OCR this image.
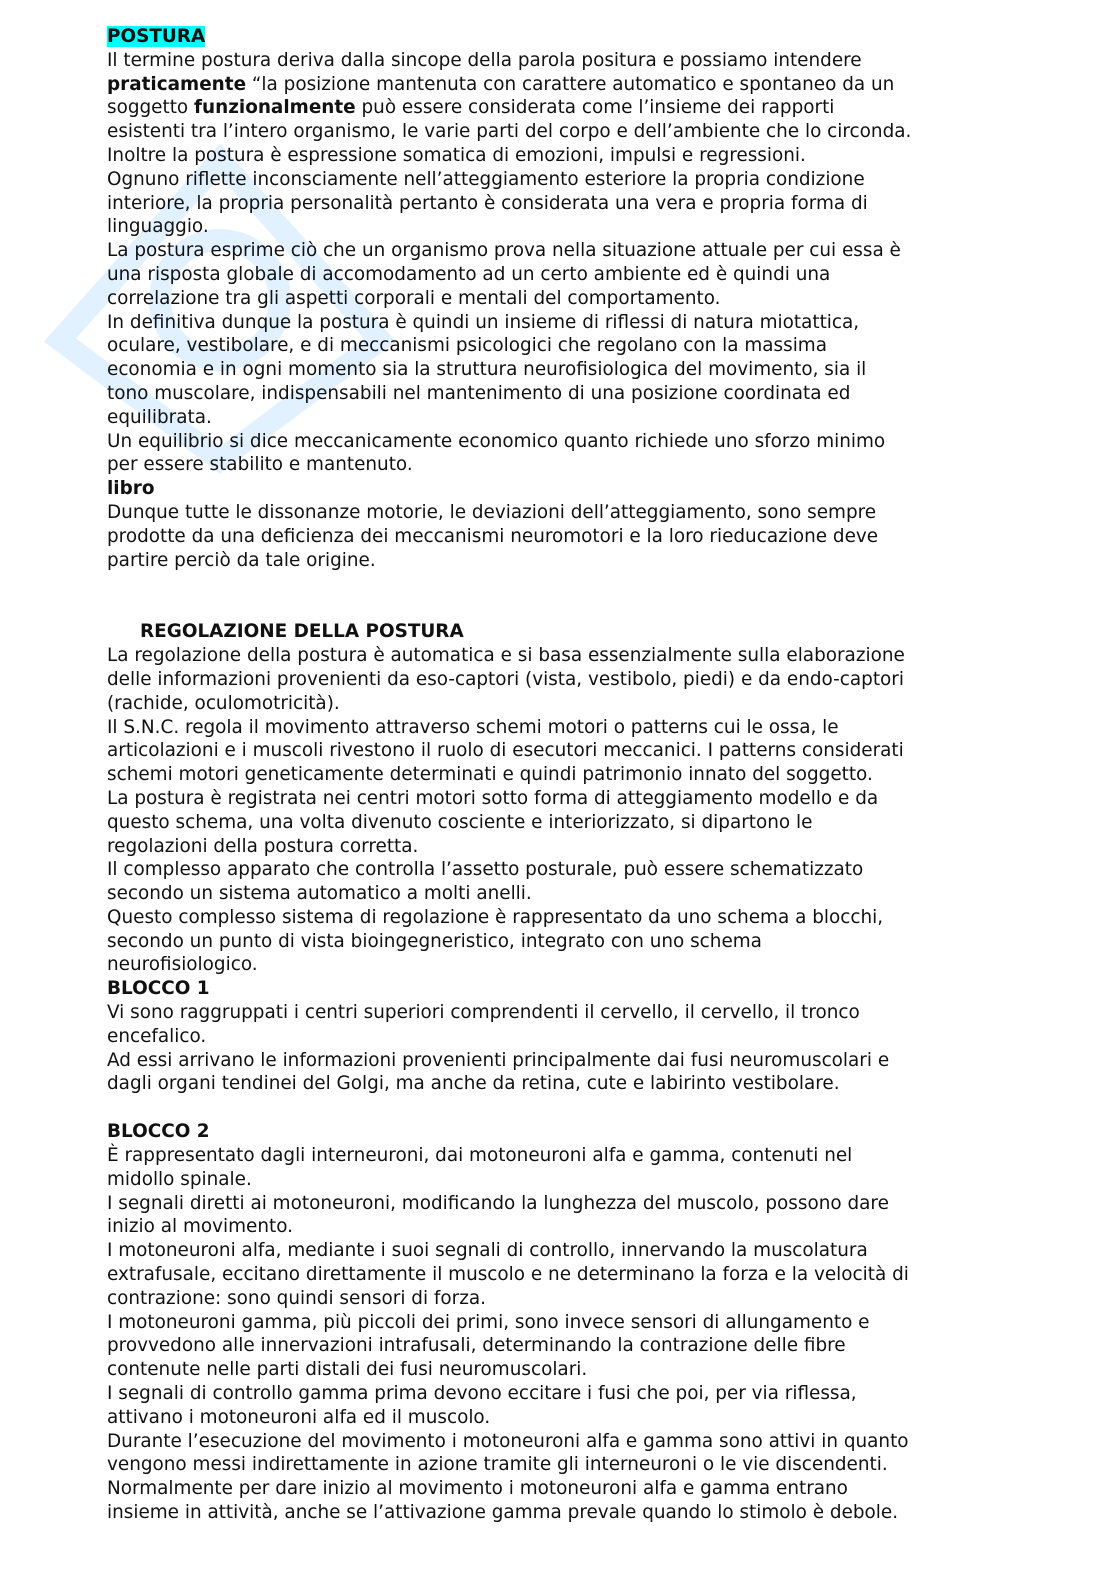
POSTURA
Il termine postura deriva dalla sincope della parola positura e possiamo intendere
praticamente “la posizione mantenuta con carattere automatico e spontaneo da un
soggetto funzionalmente può essere considerata come l’insieme dei rapporti
esistenti tra l’intero organismo, le varie parti del corpo e dell’ambiente che lo circonda.
Inoltre la postura è espressione somatica di emozioni, impulsi e regressioni.
Ognuno riflette inconsciamente nell’atteggiamento esteriore la propria condizione
interiore, la propria personalità pertanto è considerata una vera e propria forma di
linguaggio.
La postura esprime ciò che un organismo prova nella situazione attuale per cui essa è
una risposta globale di accomodamento ad un certo ambiente ed è quindi una
correlazione tra gli aspetti corporali e mentali del comportamento.
In definitiva dunque la postura è quindi un insieme di riflessi di natura miotattica,
oculare, vestibolare, e di meccanismi psicologici che regolano con la massima
economia e in ogni momento sia la struttura neurofisiologica del movimento, sia il
tono muscolare, indispensabili nel mantenimento di una posizione coordinata ed
equilibrata.
Un equilibrio si dice meccanicamente economico quanto richiede uno sforzo minimo
per essere stabilito e mantenuto.
libro
Dunque tutte le dissonanze motorie, le deviazioni dell’atteggiamento, sono sempre
prodotte da una deficienza dei meccanismi neuromotori e la loro rieducazione deve
partire perciò da tale origine.
REGOLAZIONE DELLA POSTURA
La regolazione della postura è automatica e si basa essenzialmente sulla elaborazione
delle informazioni provenienti da eso-captori (vista, vestibolo, piedi) e da endo-captori
(rachide, oculomotricità).
Il S.N.C. regola il movimento attraverso schemi motori o patterns cui le ossa, le
articolazioni e i muscoli rivestono il ruolo di esecutori meccanici. I patterns considerati
schemi motori geneticamente determinati e quindi patrimonio innato del soggetto.
La postura è registrata nei centri motori sotto forma di atteggiamento modello e da
questo schema, una volta divenuto cosciente e interiorizzato, si dipartono le
regolazioni della postura corretta.
Il complesso apparato che controlla l’assetto posturale, può essere schematizzato
secondo un sistema automatico a molti anelli.
Questo complesso sistema di regolazione è rappresentato da uno schema a blocchi,
secondo un punto di vista bioingegneristico, integrato con uno schema
neurofisiologico.
BLOCCO 1
Vi sono raggruppati i centri superiori comprendenti il cervello, il cervello, il tronco
encefalico.
Ad essi arrivano le informazioni provenienti principalmente dai fusi neuromuscolari e
dagli organi tendinei del Golgi, ma anche da retina, cute e labirinto vestibolare.
BLOCCO 2
È rappresentato dagli interneuroni, dai motoneuroni alfa e gamma, contenuti nel
midollo spinale.
I segnali diretti ai motoneuroni, modificando la lunghezza del muscolo, possono dare
inizio al movimento.
I motoneuroni alfa, mediante i suoi segnali di controllo, innervando la muscolatura
extrafusale, eccitano direttamente il muscolo e ne determinano la forza e la velocità di
contrazione: sono quindi sensori di forza.
I motoneuroni gamma, più piccoli dei primi, sono invece sensori di allungamento e
provvedono alle innervazioni intrafusali, determinando la contrazione delle fibre
contenute nelle parti distali dei fusi neuromuscolari.
I segnali di controllo gamma prima devono eccitare i fusi che poi, per via riflessa,
attivano i motoneuroni alfa ed il muscolo.
Durante l’esecuzione del movimento i motoneuroni alfa e gamma sono attivi in quanto
vengono messi indirettamente in azione tramite gli interneuroni o le vie discendenti.
Normalmente per dare inizio al movimento i motoneuroni alfa e gamma entrano
insieme in attività, anche se l’attivazione gamma prevale quando lo stimolo è debole.
